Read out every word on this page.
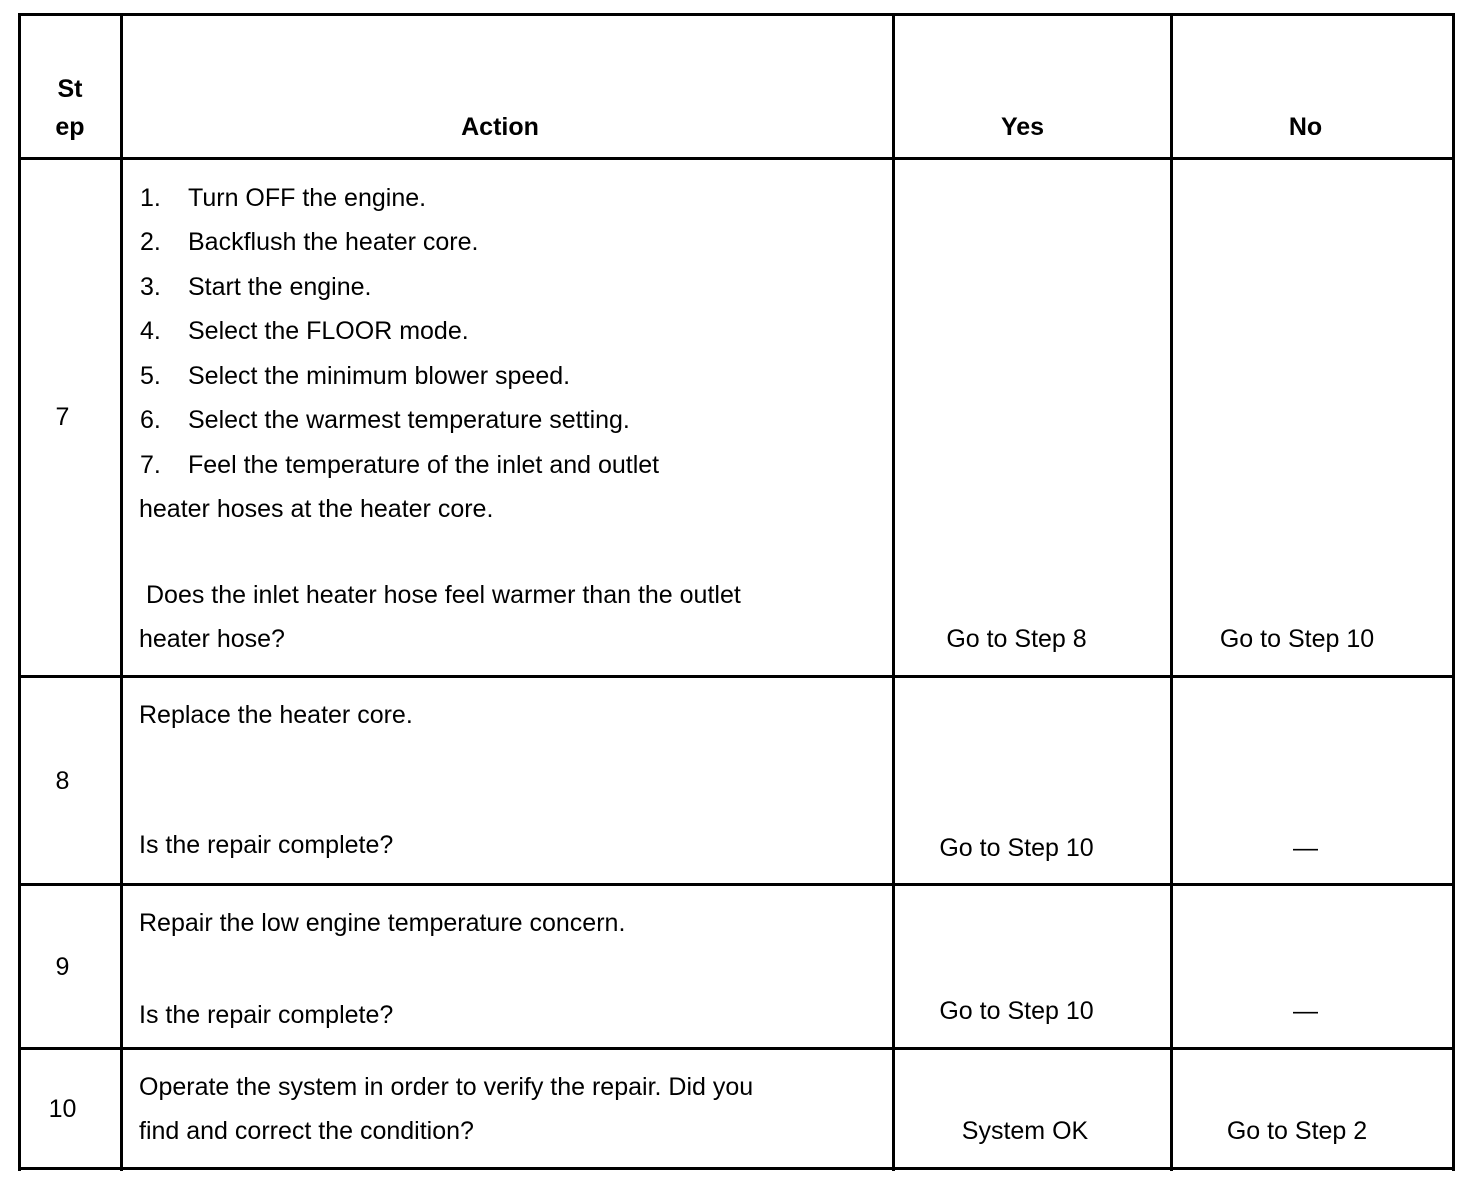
St
ep	Action	Yes	No
7
1. Turn OFF the engine.
2. Backflush the heater core.
3. Start the engine.
4. Select the FLOOR mode.
5. Select the minimum blower speed.
6. Select the warmest temperature setting.
7. Feel the temperature of the inlet and outlet
heater hoses at the heater core.
Does the inlet heater hose feel warmer than the outlet
heater hose?	Go to Step 8	Go to Step 10
8
Replace the heater core.
Is the repair complete?	Go to Step 10	—
9
Repair the low engine temperature concern.
Is the repair complete?	Go to Step 10	—
10
Operate the system in order to verify the repair. Did you
find and correct the condition?	System OK	Go to Step 2
